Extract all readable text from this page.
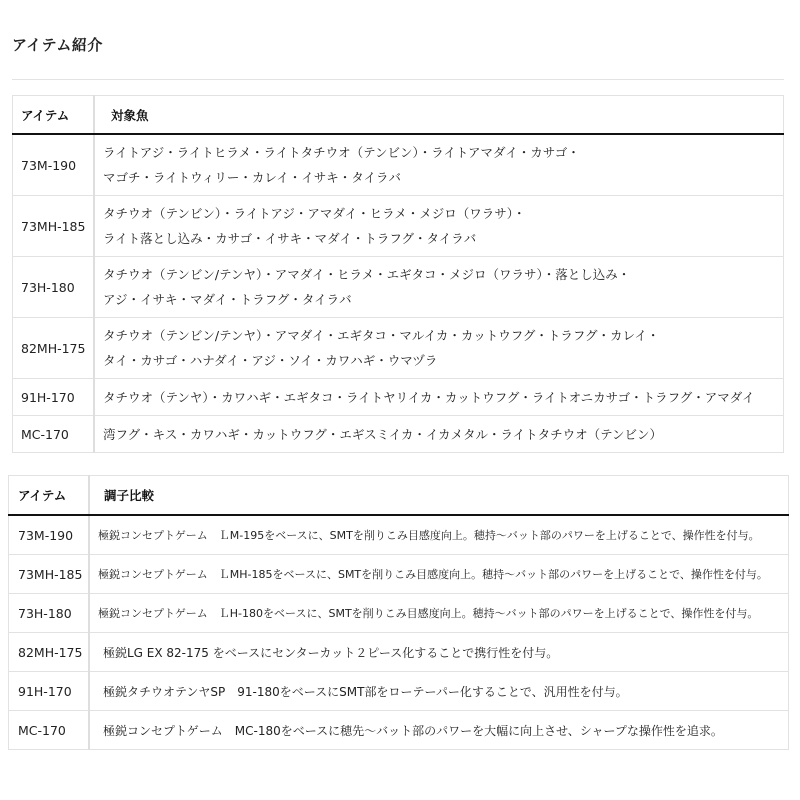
アイテム紹介
アイテム	対象魚
73M-190	ライトアジ・ライトヒラメ・ライトタチウオ（テンビン）・ライトアマダイ・カサゴ・
マゴチ・ライトウィリー・カレイ・イサキ・タイラバ

73MH-185	タチウオ（テンビン）・ライトアジ・アマダイ・ヒラメ・メジロ（ワラサ）・
ライト落とし込み・カサゴ・イサキ・マダイ・トラフグ・タイラバ

73H-180	タチウオ（テンビン/テンヤ）・アマダイ・ヒラメ・エギタコ・メジロ（ワラサ）・落とし込み・
アジ・イサキ・マダイ・トラフグ・タイラバ

82MH-175	タチウオ（テンビン/テンヤ）・アマダイ・エギタコ・マルイカ・カットウフグ・トラフグ・カレイ・
タイ・カサゴ・ハナダイ・アジ・ソイ・カワハギ・ウマヅラ

91H-170	タチウオ（テンヤ）・カワハギ・エギタコ・ライトヤリイカ・カットウフグ・ライトオニカサゴ・トラフグ・アマダイ

MC-170	湾フグ・キス・カワハギ・カットウフグ・エギスミイカ・イカメタル・ライトタチウオ（テンビン）
アイテム	調子比較
73M-190	極鋭コンセプトゲーム　ＬM-195をベースに、SMTを削りこみ目感度向上。穂持～バット部のパワーを上げることで、操作性を付与。
73MH-185	極鋭コンセプトゲーム　ＬMH-185をベースに、SMTを削りこみ目感度向上。穂持～バット部のパワーを上げることで、操作性を付与。
73H-180	極鋭コンセプトゲーム　ＬH-180をベースに、SMTを削りこみ目感度向上。穂持～バット部のパワーを上げることで、操作性を付与。
82MH-175	極鋭LG EX 82-175 をベースにセンターカット２ピース化することで携行性を付与。
91H-170	極鋭タチウオテンヤSP　91-180をベースにSMT部をローテーパー化することで、汎用性を付与。
MC-170	極鋭コンセプトゲーム　MC-180をベースに穂先～バット部のパワーを大幅に向上させ、シャープな操作性を追求。
